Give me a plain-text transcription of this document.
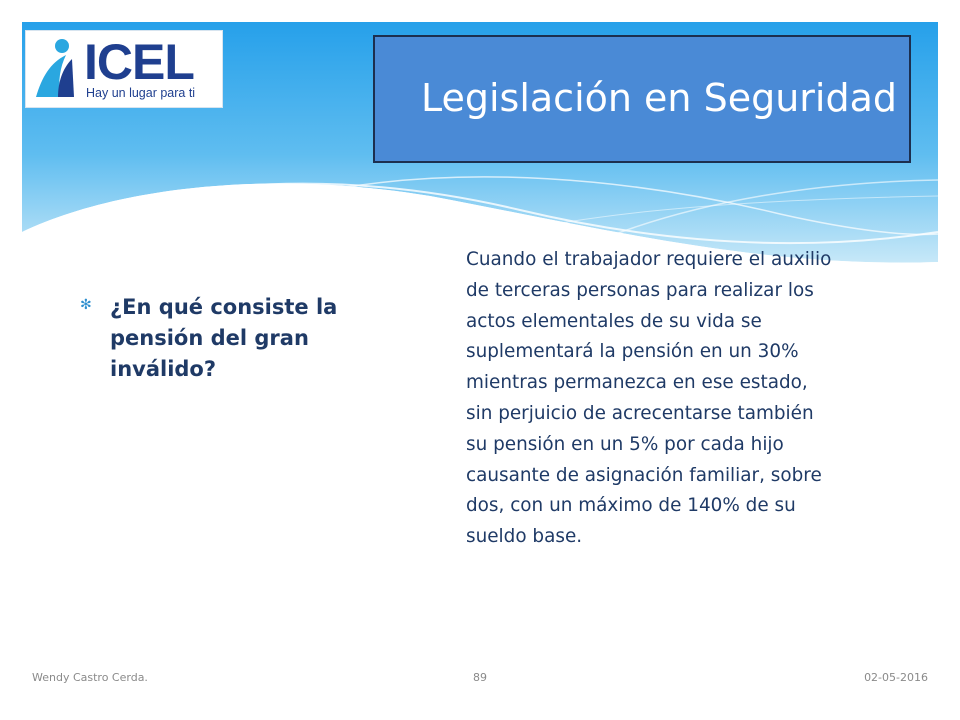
ICEL
Hay un lugar para ti	Legislación en Seguridad
✻ ¿En qué consiste la pensión del gran inválido?
Cuando el trabajador requiere el auxilio
de terceras personas para realizar los
actos elementales de su vida se
suplementará la pensión en un 30%
mientras permanezca en ese estado,
sin perjuicio de acrecentarse también
su pensión en un 5% por cada hijo
causante de asignación familiar, sobre
dos, con un máximo de 140% de su
sueldo base.
Wendy Castro Cerda.	89	02-05-2016
